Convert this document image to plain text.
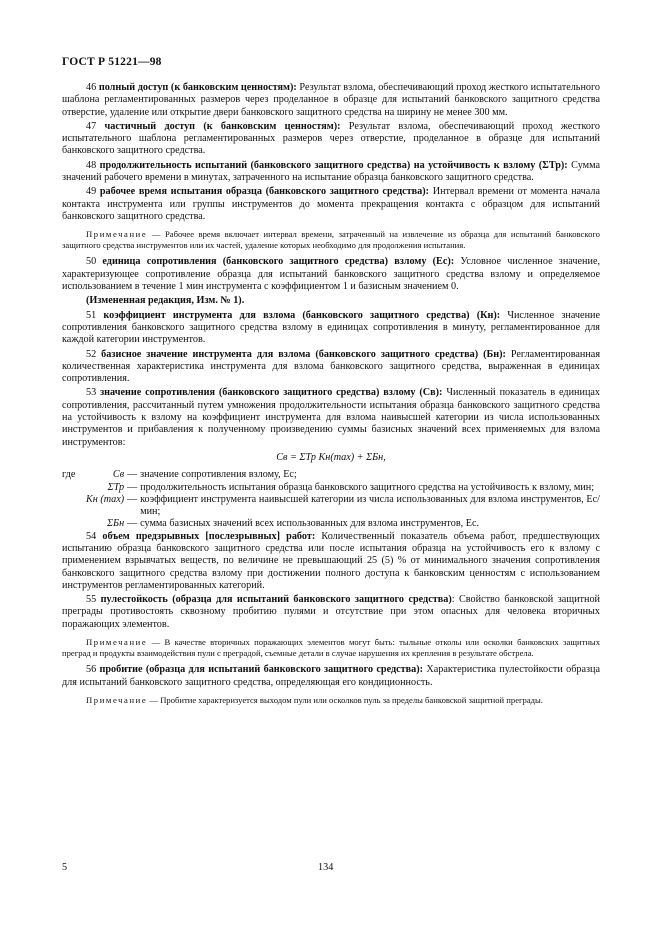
ГОСТ Р 51221—98

46 полный доступ (к банковским ценностям): Результат взлома, обеспечивающий проход жесткого испытательного шаблона регламентированных размеров через проделанное в образце для испытаний банковского защитного средства отверстие, удаление или открытие двери банковского защитного средства на ширину не менее 300 мм.

47 частичный доступ (к банковским ценностям): Результат взлома, обеспечивающий проход жесткого испытательного шаблона регламентированных размеров через отверстие, проделанное в образце для испытаний банковского защитного средства.

48 продолжительность испытаний (банковского защитного средства) на устойчивость к взлому (ΣТр): Сумма значений рабочего времени в минутах, затраченного на испытание образца банковского защитного средства.

49 рабочее время испытания образца (банковского защитного средства): Интервал времени от момента начала контакта инструмента или группы инструментов до момента прекращения контакта с образцом для испытаний банковского защитного средства.

Примечание — Рабочее время включает интервал времени, затраченный на извлечение из образца для испытаний банковского защитного средства инструментов или их частей, удаление которых необходимо для продолжения испытания.

50 единица сопротивления (банковского защитного средства) взлому (Ес): Условное численное значение, характеризующее сопротивление образца для испытаний банковского защитного средства взлому и определяемое использованием в течение 1 мин инструмента с коэффициентом 1 и базисным значением 0.

(Измененная редакция, Изм. № 1).

51 коэффициент инструмента для взлома (банковского защитного средства) (Кн): Численное значение сопротивления банковского защитного средства взлому в единицах сопротивления в минуту, регламентированное для каждой категории инструментов.

52 базисное значение инструмента для взлома (банковского защитного средства) (Бн): Регламентированная количественная характеристика инструмента для взлома банковского защитного средства, выраженная в единицах сопротивления.

53 значение сопротивления (банковского защитного средства) взлому (Св): Численный показатель в единицах сопротивления, рассчитанный путем умножения продолжительности испытания образца банковского защитного средства на устойчивость к взлому на коэффициент инструмента для взлома наивысшей категории из числа использованных инструментов и прибавления к полученному произведению суммы базисных значений всех применяемых для взлома инструментов:

Св = ΣТр Кн(max) + ΣБн,
где	Св	—	значение сопротивления взлому, Ес;
	ΣТр	—	продолжительность испытания образца банковского защитного средства на устойчивость к взлому, мин;
	Кн (max)	—	коэффициент инструмента наивысшей категории из числа использованных для взлома инструментов, Ес/мин;
	ΣБн	—	сумма базисных значений всех использованных для взлома инструментов, Ес.

54 объем предзрывных [послезрывных] работ: Количественный показатель объема работ, предшествующих испытанию образца банковского защитного средства или после испытания образца на устойчивость его к взлому с применением взрывчатых веществ, по величине не превышающий 25 (5) % от минимального значения сопротивления банковского защитного средства взлому при достижении полного доступа к банковским ценностям с использованием инструментов регламентированных категорий.

55 пулестойкость (образца для испытаний банковского защитного средства): Свойство банковской защитной преграды противостоять сквозному пробитию пулями и отсутствие при этом опасных для человека вторичных поражающих элементов.

Примечание — В качестве вторичных поражающих элементов могут быть: тыльные отколы или осколки банковских защитных преград и продукты взаимодействия пули с преградой, съемные детали в случае нарушения их крепления в результате обстрела.

56 пробитие (образца для испытаний банковского защитного средства): Характеристика пулестойкости образца для испытаний банковского защитного средства, определяющая его кондиционность.

Примечание — Пробитие характеризуется выходом пули или осколков пуль за пределы банковской защитной преграды.

5	134
